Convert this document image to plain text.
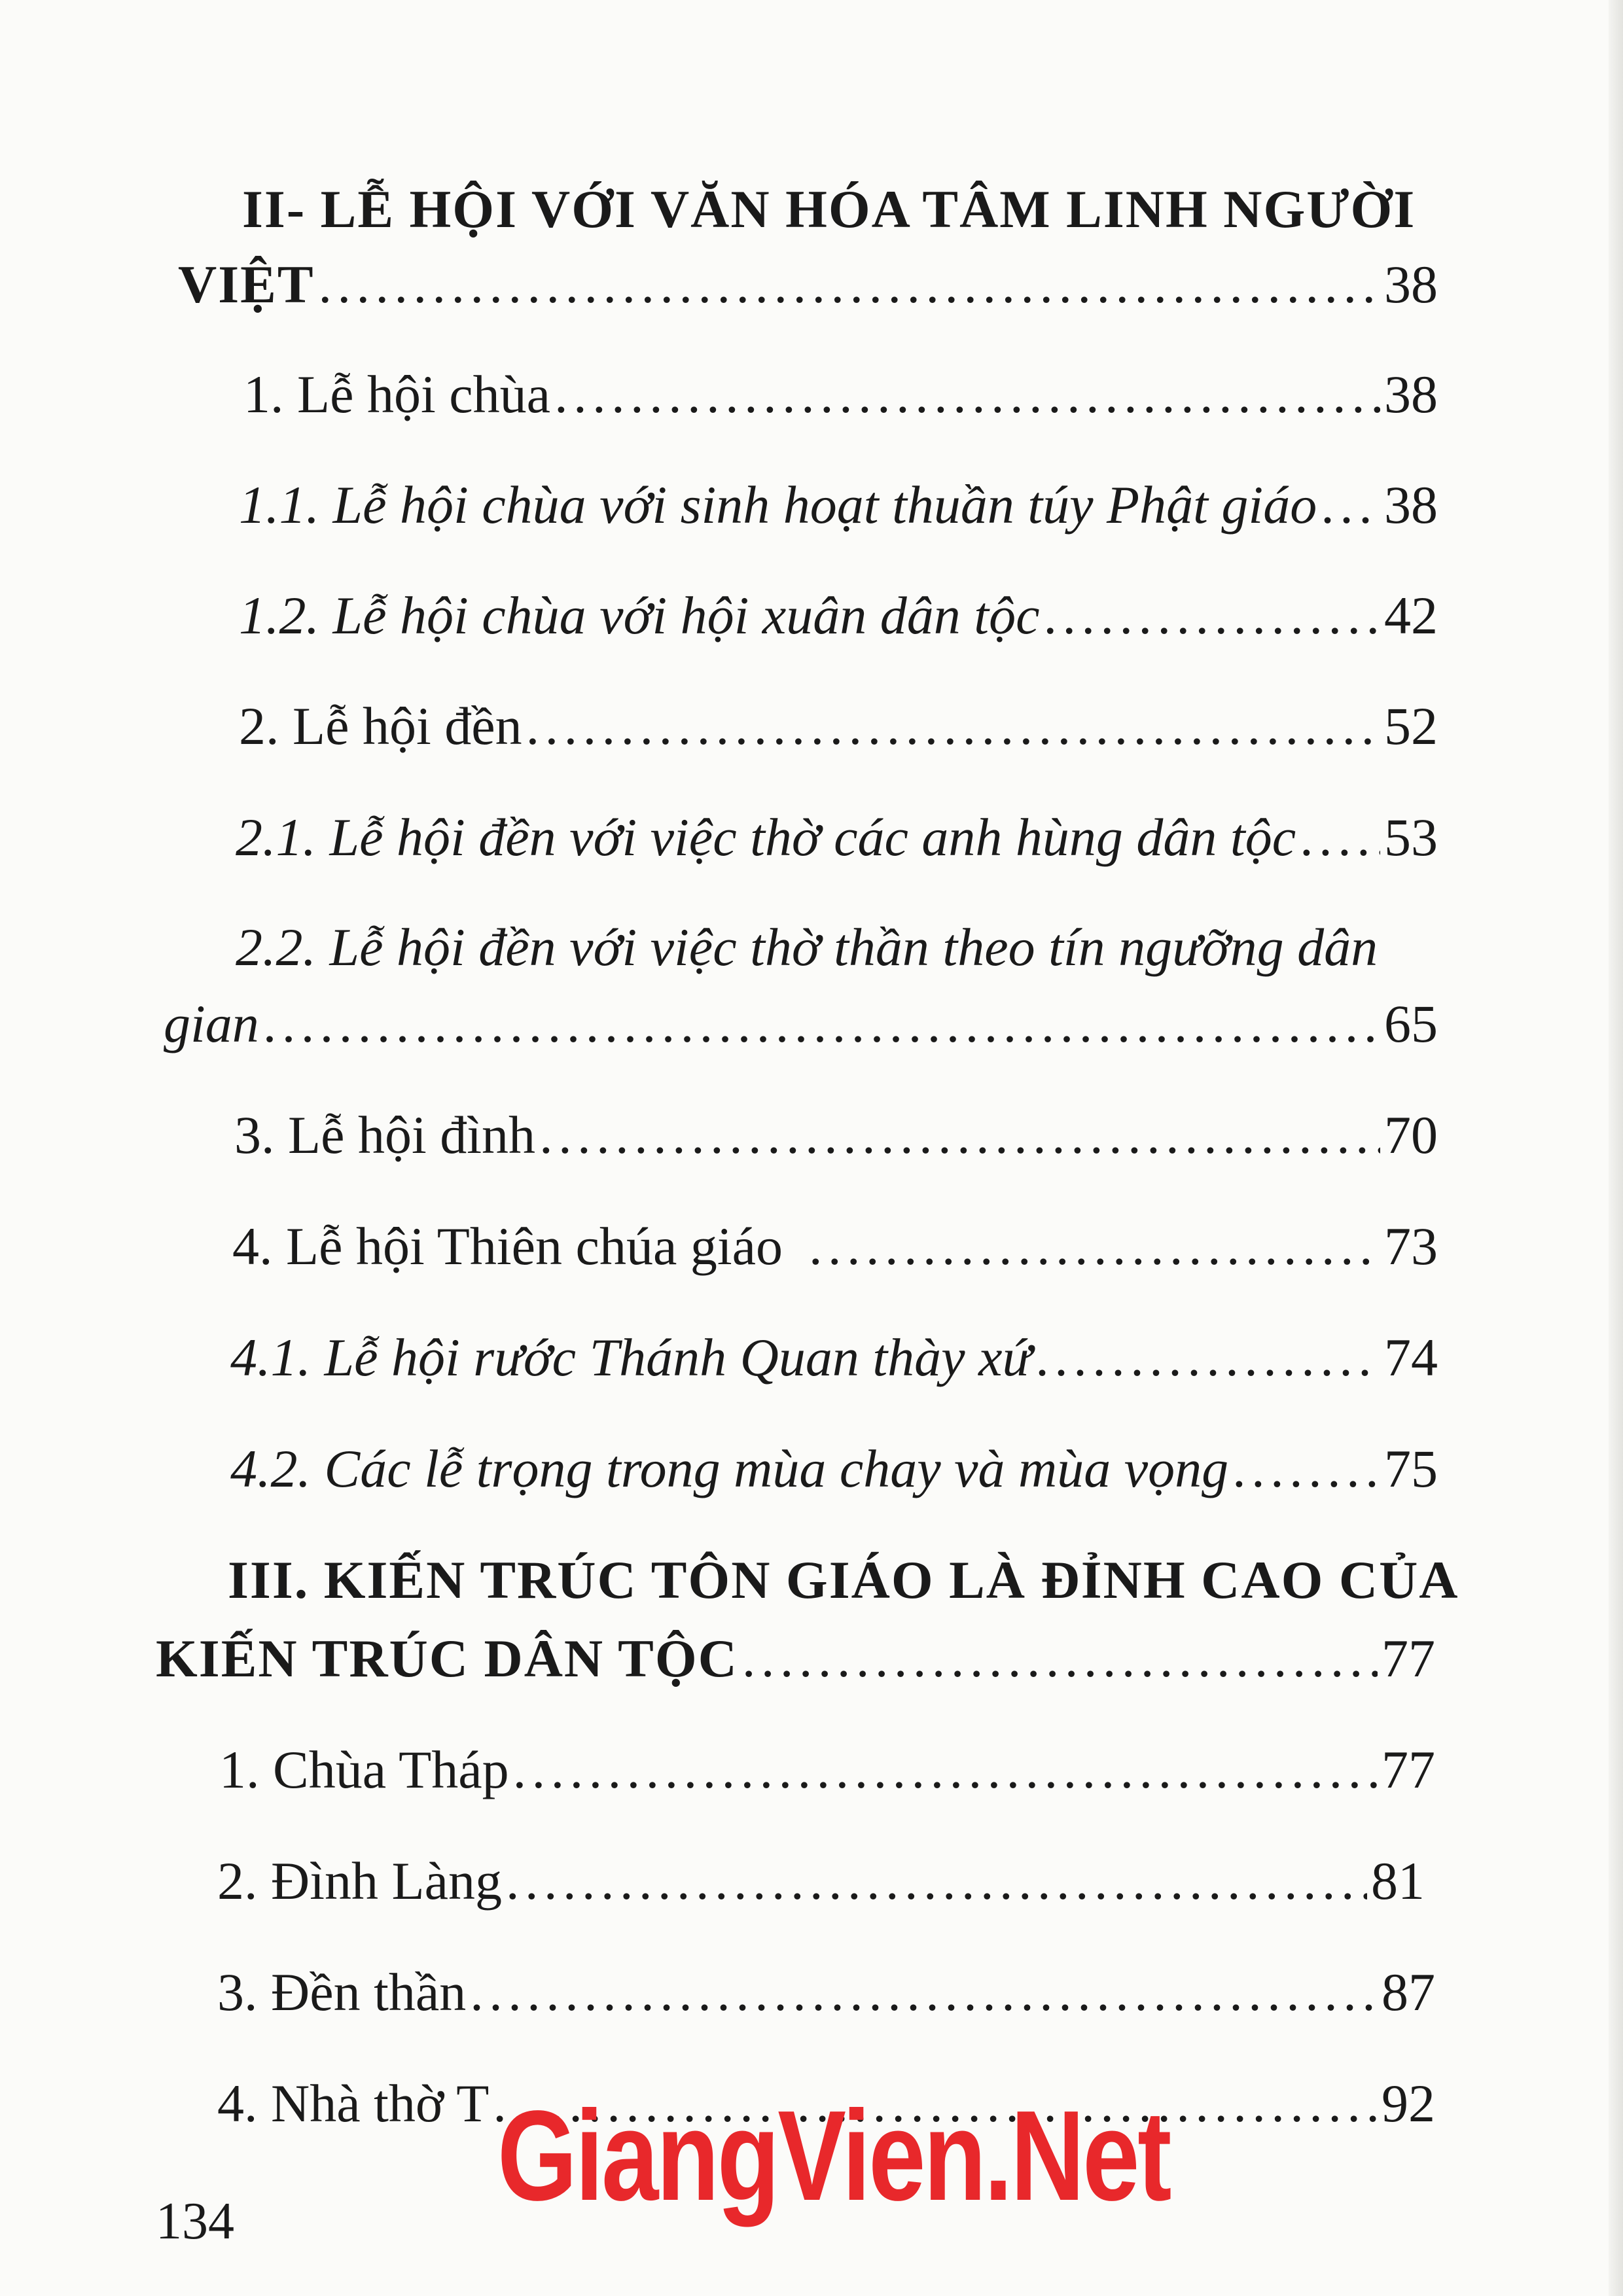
II- LỄ HỘI VỚI VĂN HÓA TÂM LINH NGƯỜI
VIỆT . . .	38
1. Lễ hội chùa . . .	38
1.1. Lễ hội chùa với sinh hoạt thuần túy Phật giáo . . . 38
1.2. Lễ hội chùa với hội xuân dân tộc . . .	42
2. Lễ hội đền . . .	52
2.1. Lễ hội đền với việc thờ các anh hùng dân tộc . . . 53
2.2. Lễ hội đền với việc thờ thần theo tín ngưỡng dân
gian . . .	65
3. Lễ hội đình . . .	70
4. Lễ hội Thiên chúa giáo . . .	73
4.1. Lễ hội rước Thánh Quan thày xứ . . .	74
4.2. Các lễ trọng trong mùa chay và mùa vọng . . .	75
III. KIẾN TRÚC TÔN GIÁO LÀ ĐỈNH CAO CỦA
KIẾN TRÚC DÂN TỘC . . .	77
1. Chùa Tháp . . .	77
2. Đình Làng . . .	81
3. Đền thần . . .	87
4. Nhà thờ T . . .	92
GiangVien.Net
134
